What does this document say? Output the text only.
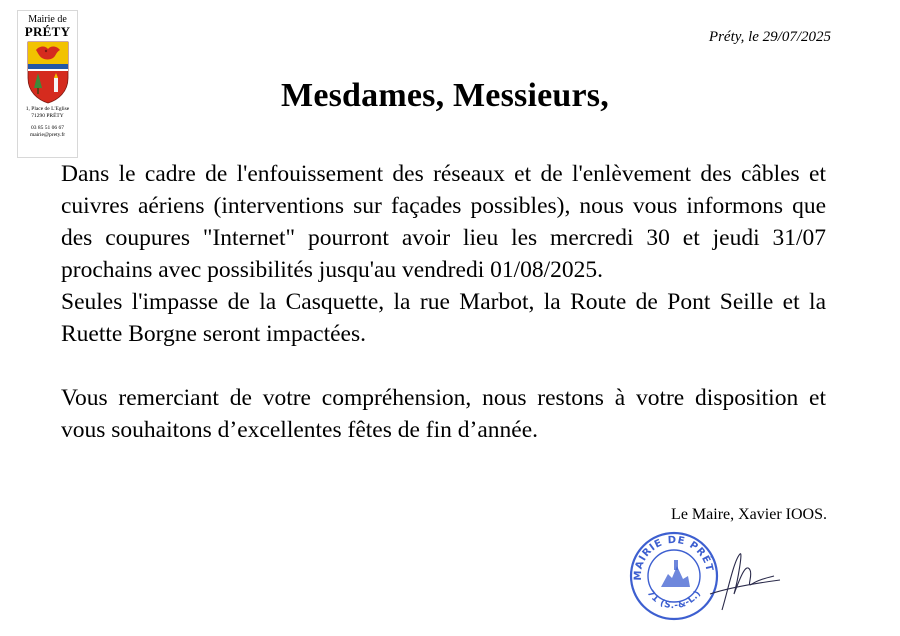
Mairie de
PRÉTY
1, Place de L'Eglise
71290 PRÉTY
03 85 51 06 67
mairie@prety.fr
Préty, le 29/07/2025
Mesdames, Messieurs,

Dans le cadre de l'enfouissement des réseaux et de l'enlèvement des câbles et cuivres aériens (interventions sur façades possibles), nous vous informons que des coupures "Internet" pourront avoir lieu les mercredi 30 et jeudi 31/07 prochains avec possibilités jusqu'au vendredi 01/08/2025.

Seules l'impasse de la Casquette, la rue Marbot, la Route de Pont Seille et la Ruette Borgne seront impactées.

Vous remerciant de votre compréhension, nous restons à votre disposition et vous souhaitons d’excellentes fêtes de fin d’année.

Le Maire, Xavier IOOS.
MAIRIE DE PRÉT
71 (S.-&-L.)
